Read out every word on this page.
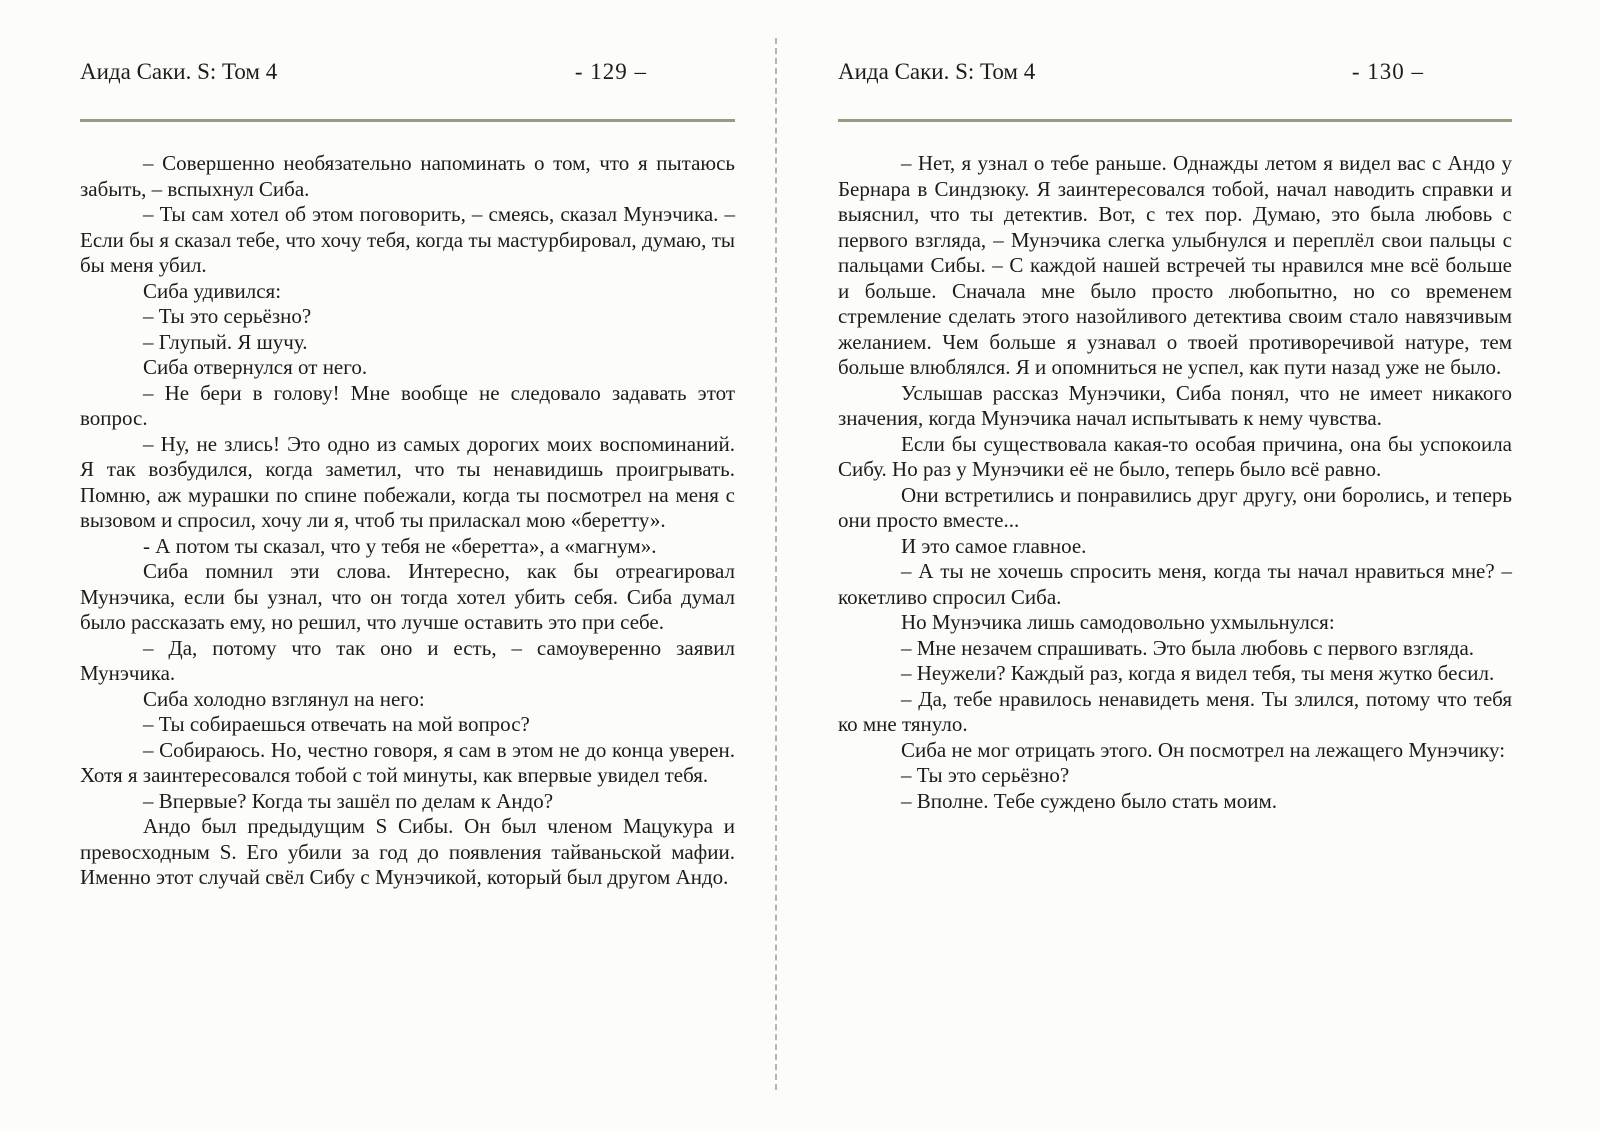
Аида Саки. S: Том 4	- 129 –

– Совершенно необязательно напоминать о том, что я пытаюсь забыть, – вспыхнул Сиба.

– Ты сам хотел об этом поговорить, – смеясь, сказал Мунэчика. – Если бы я сказал тебе, что хочу тебя, когда ты мастурбировал, думаю, ты бы меня убил.

Сиба удивился:

– Ты это серьёзно?

– Глупый. Я шучу.

Сиба отвернулся от него.

– Не бери в голову! Мне вообще не следовало задавать этот вопрос.

– Ну, не злись! Это одно из самых дорогих моих воспоминаний. Я так возбудился, когда заметил, что ты ненавидишь проигрывать. Помню, аж мурашки по спине побежали, когда ты посмотрел на меня с вызовом и спросил, хочу ли я, чтоб ты приласкал мою «беретту».

- А потом ты сказал, что у тебя не «беретта», а «магнум».

Сиба помнил эти слова. Интересно, как бы отреагировал Мунэчика, если бы узнал, что он тогда хотел убить себя. Сиба думал было рассказать ему, но решил, что лучше оставить это при себе.

– Да, потому что так оно и есть, – самоуверенно заявил Мунэчика.

Сиба холодно взглянул на него:

– Ты собираешься отвечать на мой вопрос?

– Собираюсь. Но, честно говоря, я сам в этом не до конца уверен. Хотя я заинтересовался тобой с той минуты, как впервые увидел тебя.

– Впервые? Когда ты зашёл по делам к Андо?

Андо был предыдущим S Сибы. Он был членом Мацукура и превосходным S. Его убили за год до появления тайваньской мафии. Именно этот случай свёл Сибу с Мунэчикой, который был другом Андо.

Аида Саки. S: Том 4	- 130 –

– Нет, я узнал о тебе раньше. Однажды летом я видел вас с Андо у Бернара в Синдзюку. Я заинтересовался тобой, начал наводить справки и выяснил, что ты детектив. Вот, с тех пор. Думаю, это была любовь с первого взгляда, – Мунэчика слегка улыбнулся и переплёл свои пальцы с пальцами Сибы. – С каждой нашей встречей ты нравился мне всё больше и больше. Сначала мне было просто любопытно, но со временем стремление сделать этого назойливого детектива своим стало навязчивым желанием. Чем больше я узнавал о твоей противоречивой натуре, тем больше влюблялся. Я и опомниться не успел, как пути назад уже не было.

Услышав рассказ Мунэчики, Сиба понял, что не имеет никакого значения, когда Мунэчика начал испытывать к нему чувства.

Если бы существовала какая-то особая причина, она бы успокоила Сибу. Но раз у Мунэчики её не было, теперь было всё равно.

Они встретились и понравились друг другу, они боролись, и теперь они просто вместе...

И это самое главное.

– А ты не хочешь спросить меня, когда ты начал нравиться мне? – кокетливо спросил Сиба.

Но Мунэчика лишь самодовольно ухмыльнулся:

– Мне незачем спрашивать. Это была любовь с первого взгляда.

– Неужели? Каждый раз, когда я видел тебя, ты меня жутко бесил.

– Да, тебе нравилось ненавидеть меня. Ты злился, потому что тебя ко мне тянуло.

Сиба не мог отрицать этого. Он посмотрел на лежащего Мунэчику:

– Ты это серьёзно?

– Вполне. Тебе суждено было стать моим.
